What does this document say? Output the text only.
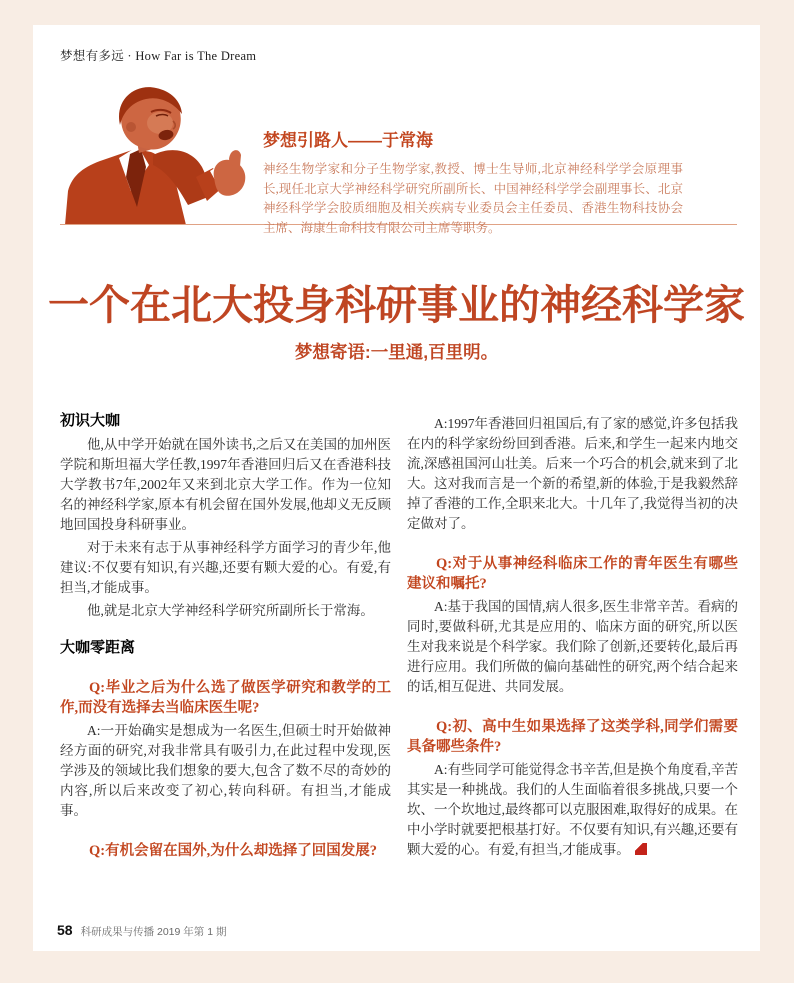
梦想有多远 · How Far is The Dream
梦想引路人——于常海

神经生物学家和分子生物学家,教授、博士生导师,北京神经科学学会原理事长,现任北京大学神经科学研究所副所长、中国神经科学学会副理事长、北京神经科学学会胶质细胞及相关疾病专业委员会主任委员、香港生物科技协会主席、海康生命科技有限公司主席等职务。

一个在北大投身科研事业的神经科学家
梦想寄语:一里通,百里明。
初识大咖

他,从中学开始就在国外读书,之后又在美国的加州医学院和斯坦福大学任教,1997年香港回归后又在香港科技大学教书7年,2002年又来到北京大学工作。作为一位知名的神经科学家,原本有机会留在国外发展,他却义无反顾地回国投身科研事业。

对于未来有志于从事神经科学方面学习的青少年,他建议:不仅要有知识,有兴趣,还要有颗大爱的心。有爱,有担当,才能成事。

他,就是北京大学神经科学研究所副所长于常海。

大咖零距离

Q:毕业之后为什么选了做医学研究和教学的工作,而没有选择去当临床医生呢?

A:一开始确实是想成为一名医生,但硕士时开始做神经方面的研究,对我非常具有吸引力,在此过程中发现,医学涉及的领域比我们想象的要大,包含了数不尽的奇妙的内容,所以后来改变了初心,转向科研。有担当,才能成事。

Q:有机会留在国外,为什么却选择了回国发展?

A:1997年香港回归祖国后,有了家的感觉,许多包括我在内的科学家纷纷回到香港。后来,和学生一起来内地交流,深感祖国河山壮美。后来一个巧合的机会,就来到了北大。这对我而言是一个新的希望,新的体验,于是我毅然辞掉了香港的工作,全职来北大。十几年了,我觉得当初的决定做对了。

Q:对于从事神经科临床工作的青年医生有哪些建议和嘱托?

A:基于我国的国情,病人很多,医生非常辛苦。看病的同时,要做科研,尤其是应用的、临床方面的研究,所以医生对我来说是个科学家。我们除了创新,还要转化,最后再进行应用。我们所做的偏向基础性的研究,两个结合起来的话,相互促进、共同发展。

Q:初、高中生如果选择了这类学科,同学们需要具备哪些条件?

A:有些同学可能觉得念书辛苦,但是换个角度看,辛苦其实是一种挑战。我们的人生面临着很多挑战,只要一个坎、一个坎地过,最终都可以克服困难,取得好的成果。在中小学时就要把根基打好。不仅要有知识,有兴趣,还要有颗大爱的心。有爱,有担当,才能成事。

58 科研成果与传播 2019 年第 1 期
